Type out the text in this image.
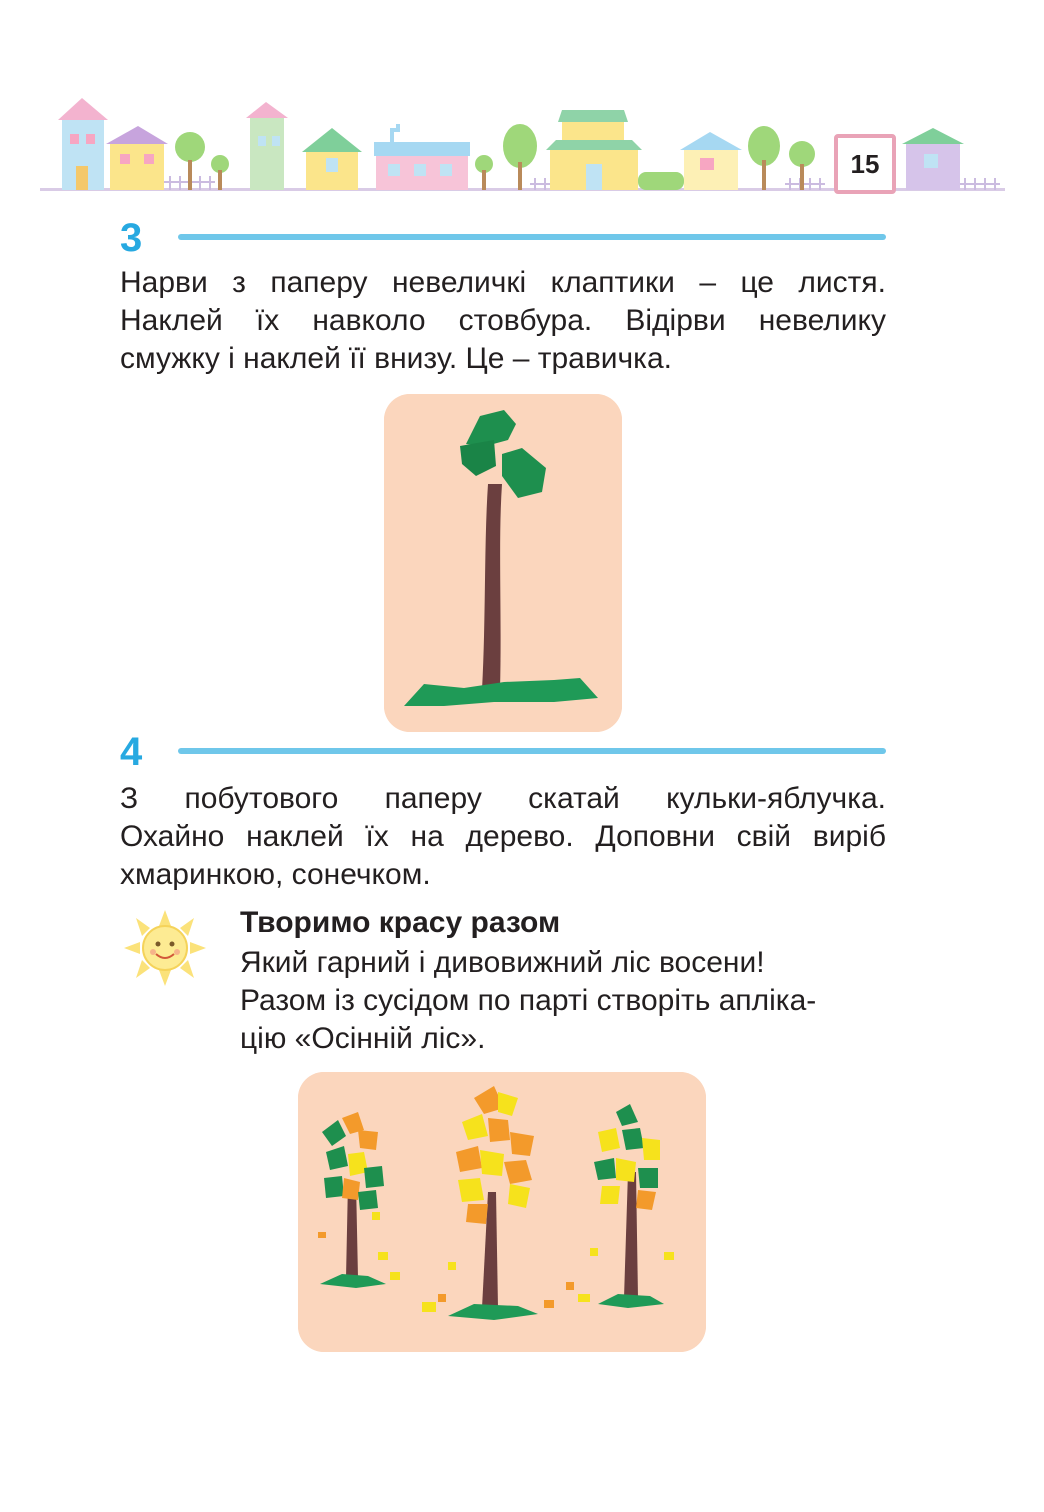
15
3
Нарви з паперу невеличкі клаптики – це листя.
Наклей їх навколо стовбура. Відірви невелику
смужку і наклей її внизу. Це – травичка.
4
З побутового паперу скатай кульки-яблучка.
Охайно наклей їх на дерево. Доповни свій виріб
хмаринкою, сонечком.
Творимо красу разом
Який гарний і дивовижний ліс восени!
Разом із сусідом по парті створіть аплiка-
цію «Осінній ліс».
